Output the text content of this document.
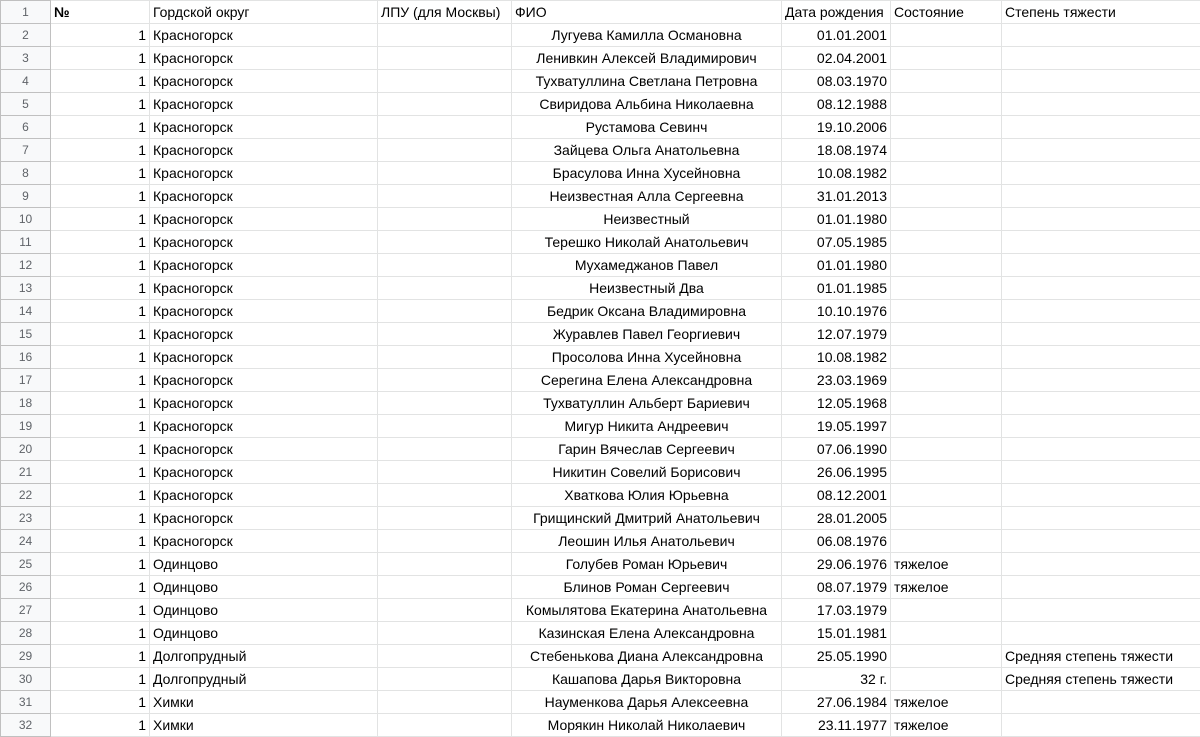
1	№	Гордской округ	ЛПУ (для Москвы)	ФИО	Дата рождения	Состояние	Степень тяжести
2	1	Красногорск		Лугуева Камилла Османовна	01.01.2001		
3	1	Красногорск		Ленивкин Алексей Владимирович	02.04.2001		
4	1	Красногорск		Тухватуллина Светлана Петровна	08.03.1970		
5	1	Красногорск		Свиридова Альбина Николаевна	08.12.1988		
6	1	Красногорск		Рустамова Севинч	19.10.2006		
7	1	Красногорск		Зайцева Ольга Анатольевна	18.08.1974		
8	1	Красногорск		Брасулова Инна Хусейновна	10.08.1982		
9	1	Красногорск		Неизвестная Алла Сергеевна	31.01.2013		
10	1	Красногорск		Неизвестный	01.01.1980		
11	1	Красногорск		Терешко Николай Анатольевич	07.05.1985		
12	1	Красногорск		Мухамеджанов Павел	01.01.1980		
13	1	Красногорск		Неизвестный Два	01.01.1985		
14	1	Красногорск		Бедрик Оксана Владимировна	10.10.1976		
15	1	Красногорск		Журавлев Павел Георгиевич	12.07.1979		
16	1	Красногорск		Просолова Инна Хусейновна	10.08.1982		
17	1	Красногорск		Серегина Елена Александровна	23.03.1969		
18	1	Красногорск		Тухватуллин Альберт Бариевич	12.05.1968		
19	1	Красногорск		Мигур Никита Андреевич	19.05.1997		
20	1	Красногорск		Гарин Вячеслав Сергеевич	07.06.1990		
21	1	Красногорск		Никитин Совелий Борисович	26.06.1995		
22	1	Красногорск		Хваткова Юлия Юрьевна	08.12.2001		
23	1	Красногорск		Грищинский Дмитрий Анатольевич	28.01.2005		
24	1	Красногорск		Леошин Илья Анатольевич	06.08.1976		
25	1	Одинцово		Голубев Роман Юрьевич	29.06.1976	тяжелое	
26	1	Одинцово		Блинов Роман Сергеевич	08.07.1979	тяжелое	
27	1	Одинцово		Комылятова Екатерина Анатольевна	17.03.1979		
28	1	Одинцово		Казинская Елена Александровна	15.01.1981		
29	1	Долгопрудный		Стебенькова Диана Александровна	25.05.1990		Средняя степень тяжести
30	1	Долгопрудный		Кашапова Дарья Викторовна	32 г.		Средняя степень тяжести
31	1	Химки		Науменкова Дарья Алексеевна	27.06.1984	тяжелое	
32	1	Химки		Морякин Николай Николаевич	23.11.1977	тяжелое	
